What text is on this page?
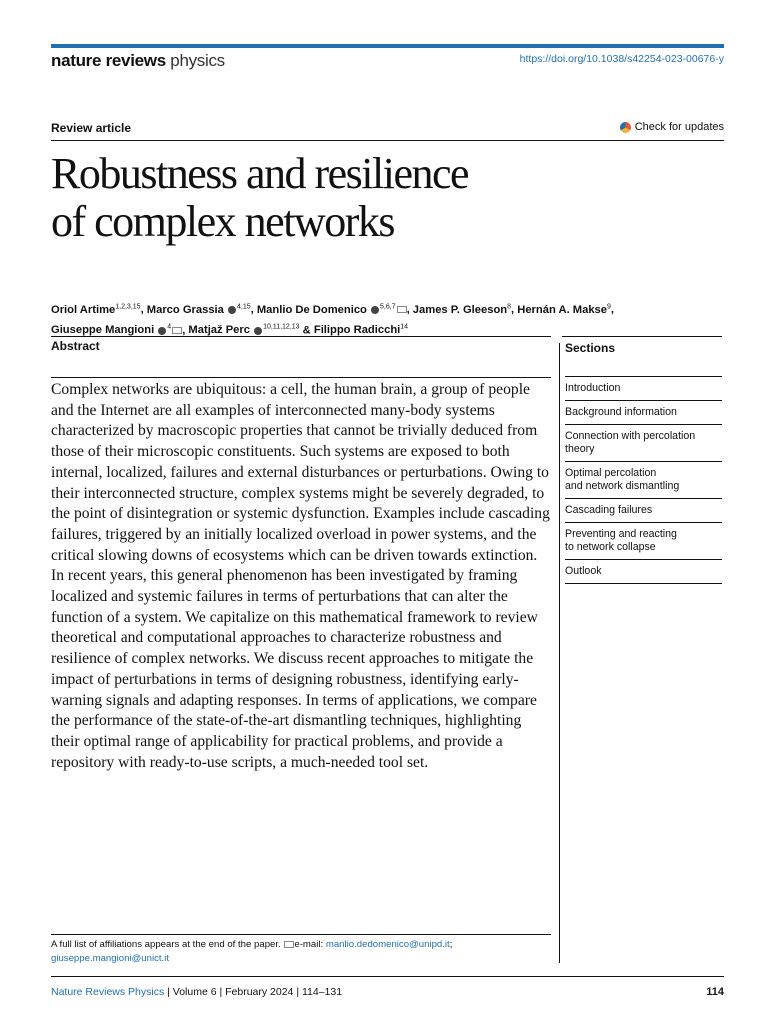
nature reviews physics	https://doi.org/10.1038/s42254-023-00676-y
Review article	Check for updates
Robustness and resilience
of complex networks
Oriol Artime$^{1,2,3,15}$, Marco Grassia $^{4,15}$, Manlio De Domenico $^{5,6,7}$ , James P. Gleeson$^8$, Hernán A. Makse$^9$,
Giuseppe Mangioni $^4$ , Matjaž Perc $^{10,11,12,13}$ & Filippo Radicchi$^{14}$
Abstract

Complex networks are ubiquitous: a cell, the human brain, a group of people and the Internet are all examples of interconnected many-body systems characterized by macroscopic properties that cannot be trivially deduced from those of their microscopic constituents. Such systems are exposed to both internal, localized, failures and external disturbances or perturbations. Owing to their interconnected structure, complex systems might be severely degraded, to the point of disintegration or systemic dysfunction. Examples include cascading failures, triggered by an initially localized overload in power systems, and the critical slowing downs of ecosystems which can be driven towards extinction. In recent years, this general phenomenon has been investigated by framing localized and systemic failures in terms of perturbations that can alter the function of a system. We capitalize on this mathematical framework to review theoretical and computational approaches to characterize robustness and resilience of complex networks. We discuss recent approaches to mitigate the impact of perturbations in terms of designing robustness, identifying early-warning signals and adapting responses. In terms of applications, we compare the performance of the state-of-the-art dismantling techniques, highlighting their optimal range of applicability for practical problems, and provide a repository with ready-to-use scripts, a much-needed tool set.

Sections
Introduction
Background information
Connection with percolation
theory
Optimal percolation
and network dismantling
Cascading failures
Preventing and reacting
to network collapse
Outlook
A full list of affiliations appears at the end of the paper. e-mail: manlio.dedomenico@unipd.it;
giuseppe.mangioni@unict.it
Nature Reviews Physics | Volume 6 | February 2024 | 114–131	114
